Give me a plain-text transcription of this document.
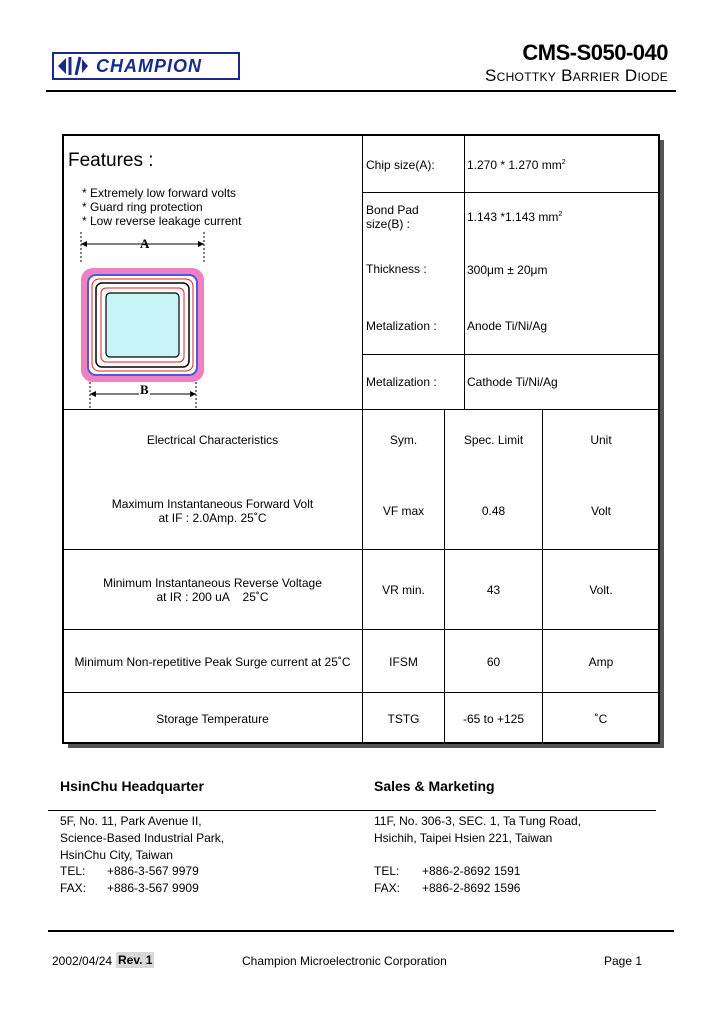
CHAMPION
CMS-S050-040
Schottky Barrier Diode
Features :
* Extremely low forward volts
* Guard ring protection
* Low reverse leakage current
A
B
Chip size(A):	1.270 * 1.270 $mm^2$
Bond Pad
size(B) :	1.143 *1.143 $mm^2$
Thickness :	300μm ± 20μm
Metalization :	Anode Ti/Ni/Ag
Metalization :	Cathode Ti/Ni/Ag
Electrical Characteristics	Sym.	Spec. Limit	Unit
Maximum Instantaneous Forward Volt
at IF : 2.0Amp. 25˚C	VF max	0.48	Volt
Minimum Instantaneous Reverse Voltage
at IR : 200 uA    25˚C	VR min.	43	Volt.
Minimum Non-repetitive Peak Surge current at 25˚C	IFSM	60	Amp
Storage Temperature	TSTG	-65 to +125	˚C
HsinChu Headquarter	Sales & Marketing
5F, No. 11, Park Avenue II,
Science-Based Industrial Park,
HsinChu City, Taiwan
TEL: +886-3-567 9979
FAX: +886-3-567 9909
11F, No. 306-3, SEC. 1, Ta Tung Road,
Hsichih, Taipei Hsien 221, Taiwan
TEL: +886-2-8692 1591
FAX: +886-2-8692 1596
2002/04/24 Rev. 1	Champion Microelectronic Corporation	Page 1
